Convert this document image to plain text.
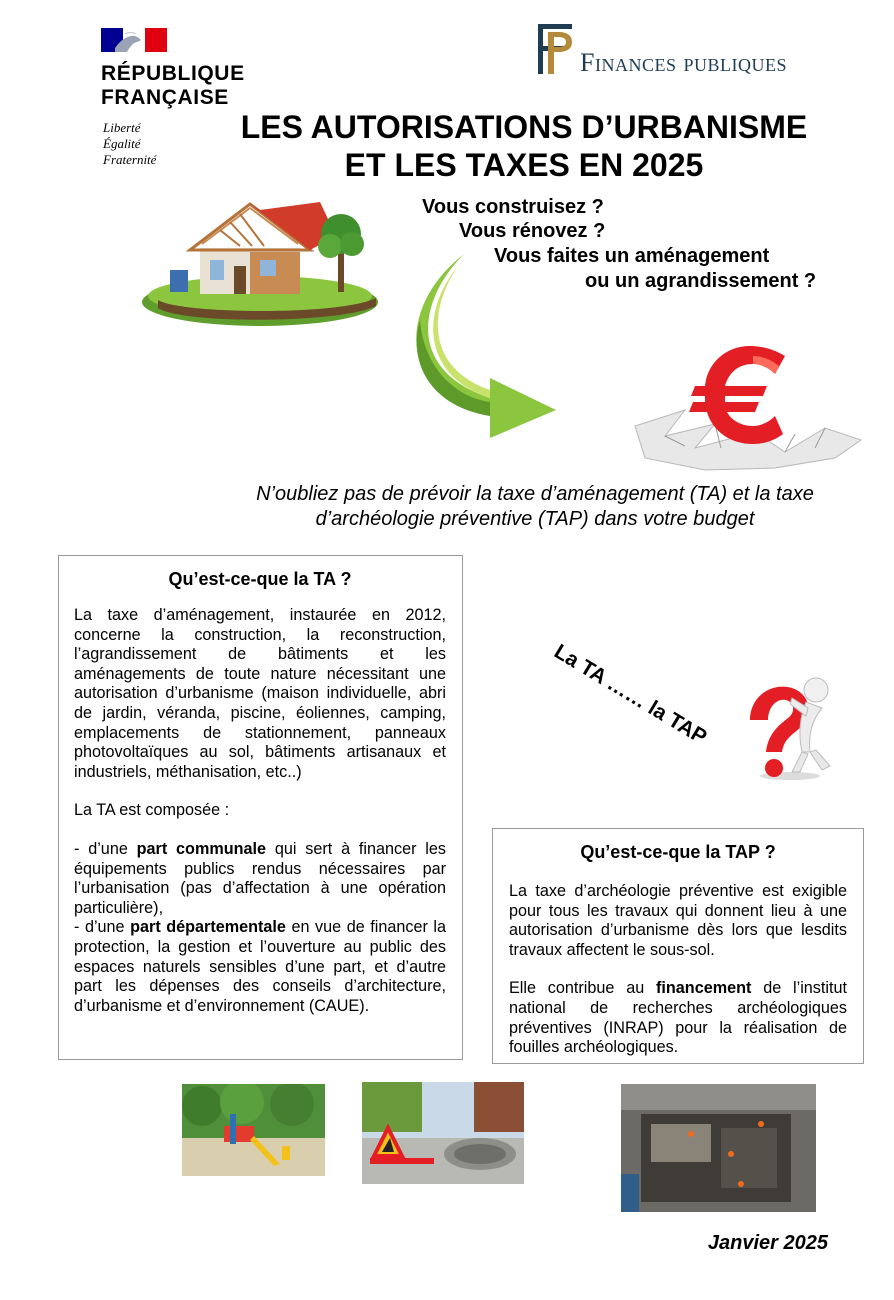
RÉPUBLIQUE
FRANÇAISE
Liberté
Égalité
Fraternité
Finances publiques
LES AUTORISATIONS D’URBANISME
ET LES TAXES EN 2025
Vous construisez ?
Vous rénovez ?
Vous faites un aménagement
ou un agrandissement ?
N’oubliez pas de prévoir la taxe d’aménagement (TA) et la taxe
d’archéologie préventive (TAP) dans votre budget
Qu’est-ce-que la TA ?

La taxe d’aménagement, instaurée en 2012, concerne la construction, la reconstruction, l’agrandissement de bâtiments et les aménagements de toute nature nécessitant une autorisation d’urbanisme (maison individuelle, abri de jardin, véranda, piscine, éoliennes, camping, emplacements de stationnement, panneaux photovoltaïques au sol, bâtiments artisanaux et industriels, méthanisation, etc..)

La TA est composée :

- d’une part communale qui sert à financer les équipements publics rendus nécessaires par l’urbanisation (pas d’affectation à une opération particulière),

- d’une part départementale en vue de financer la protection, la gestion et l’ouverture au public des espaces naturels sensibles d’une part, et d’autre part les dépenses des conseils d’architecture, d’urbanisme et d’environnement (CAUE).

La TA …… la TAP
Qu’est-ce-que la TAP ?

La taxe d’archéologie préventive est exigible pour tous les travaux qui donnent lieu à une autorisation d’urbanisme dès lors que lesdits travaux affectent le sous-sol.

Elle contribue au financement de l’institut national de recherches archéologiques préventives (INRAP) pour la réalisation de fouilles archéologiques.

Janvier 2025
